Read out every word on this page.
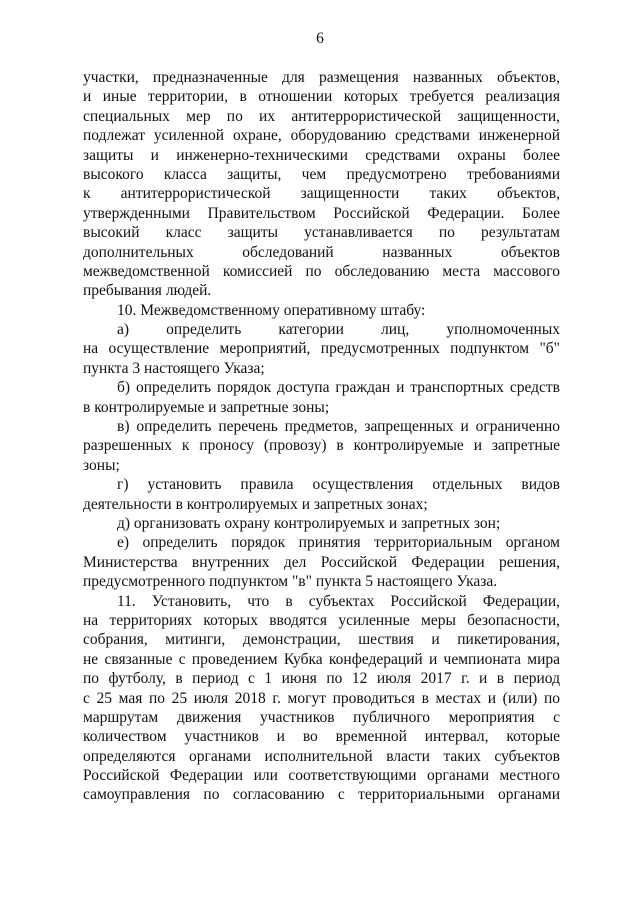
6
участки, предназначенные для размещения названных объектов,
и иные территории, в отношении которых требуется реализация
специальных мер по их антитеррористической защищенности,
подлежат усиленной охране, оборудованию средствами инженерной
защиты и инженерно-техническими средствами охраны более
высокого класса защиты, чем предусмотрено требованиями
к антитеррористической защищенности таких объектов,
утвержденными Правительством Российской Федерации. Более
высокий класс защиты устанавливается по результатам
дополнительных обследований названных объектов
межведомственной комиссией по обследованию места массового
пребывания людей.
10. Межведомственному оперативному штабу:
а) определить категории лиц, уполномоченных
на осуществление мероприятий, предусмотренных подпунктом "б"
пункта 3 настоящего Указа;
б) определить порядок доступа граждан и транспортных средств
в контролируемые и запретные зоны;
в) определить перечень предметов, запрещенных и ограниченно
разрешенных к проносу (провозу) в контролируемые и запретные
зоны;
г) установить правила осуществления отдельных видов
деятельности в контролируемых и запретных зонах;
д) организовать охрану контролируемых и запретных зон;
е) определить порядок принятия территориальным органом
Министерства внутренних дел Российской Федерации решения,
предусмотренного подпунктом "в" пункта 5 настоящего Указа.
11. Установить, что в субъектах Российской Федерации,
на территориях которых вводятся усиленные меры безопасности,
собрания, митинги, демонстрации, шествия и пикетирования,
не связанные с проведением Кубка конфедераций и чемпионата мира
по футболу, в период с 1 июня по 12 июля 2017 г. и в период
с 25 мая по 25 июля 2018 г. могут проводиться в местах и (или) по
маршрутам движения участников публичного мероприятия с
количеством участников и во временной интервал, которые
определяются органами исполнительной власти таких субъектов
Российской Федерации или соответствующими органами местного
самоуправления по согласованию с территориальными органами
